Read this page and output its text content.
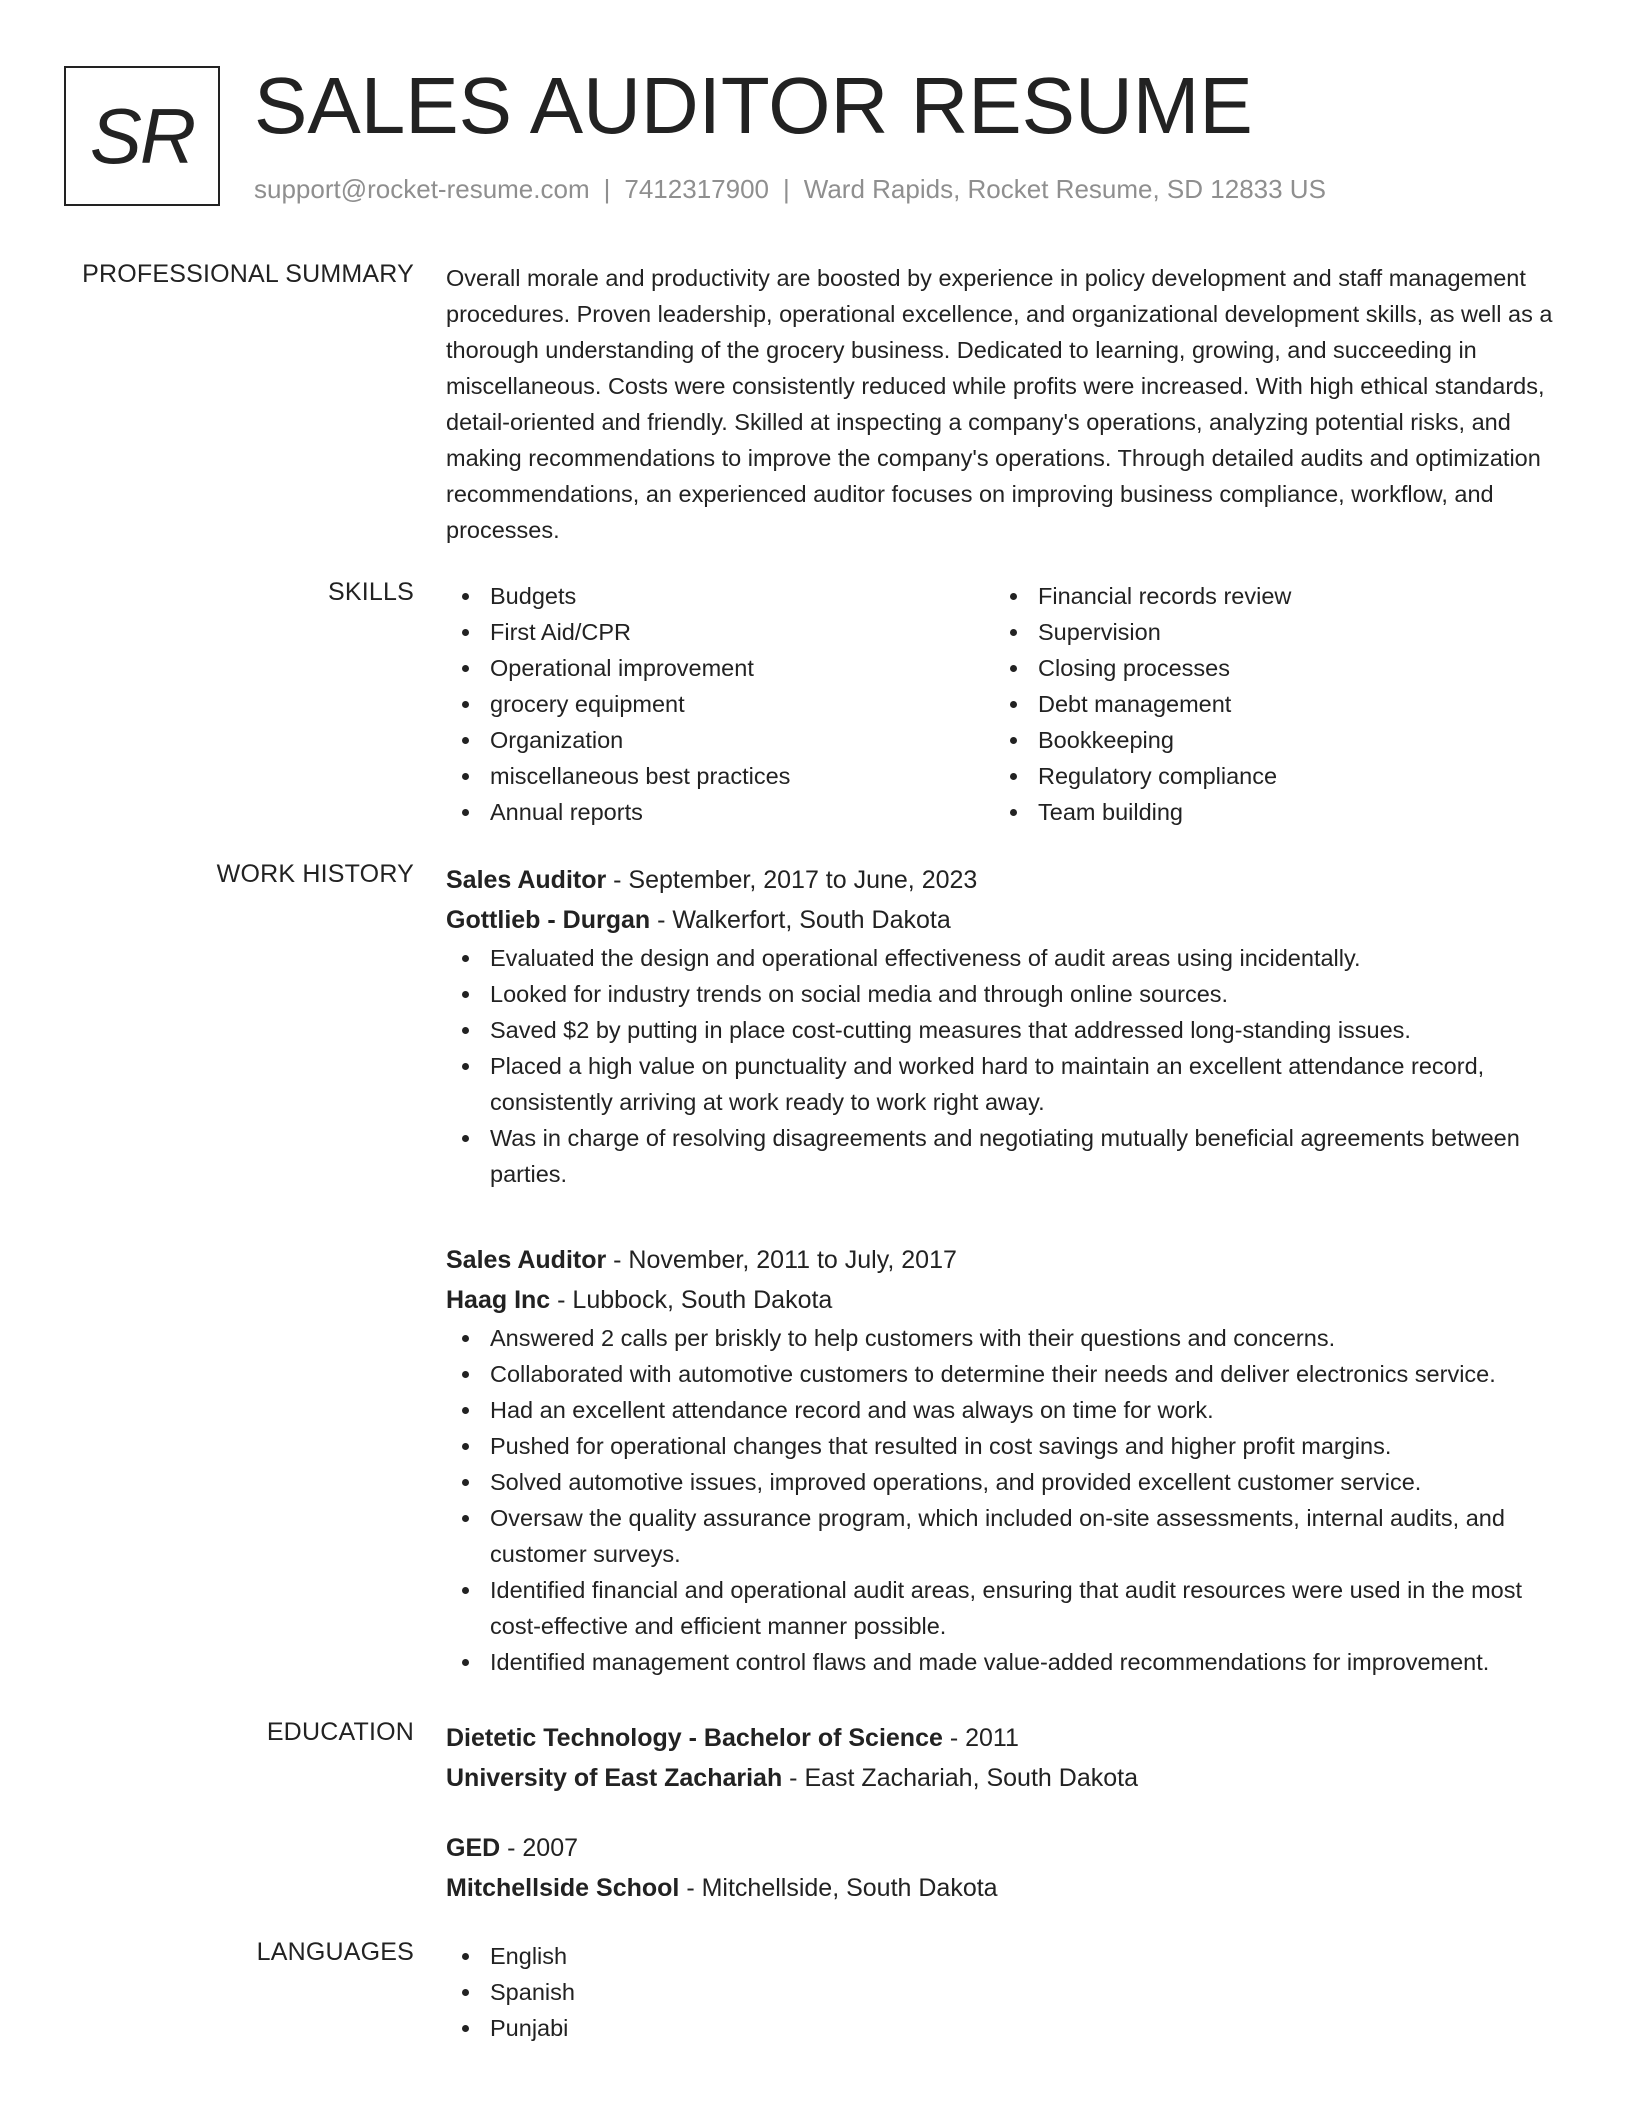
SR SALES AUDITOR RESUME
support@rocket-resume.com | 7412317900 | Ward Rapids, Rocket Resume, SD 12833 US
PROFESSIONAL SUMMARY Overall morale and productivity are boosted by experience in policy development and staff management procedures. Proven leadership, operational excellence, and organizational development skills, as well as a thorough understanding of the grocery business. Dedicated to learning, growing, and succeeding in miscellaneous. Costs were consistently reduced while profits were increased. With high ethical standards, detail-oriented and friendly. Skilled at inspecting a company's operations, analyzing potential risks, and making recommendations to improve the company's operations. Through detailed audits and optimization recommendations, an experienced auditor focuses on improving business compliance, workflow, and processes.

SKILLS	Budgets
First Aid/CPR
Operational improvement
grocery equipment
Organization
miscellaneous best practices
Annual reports
Financial records review
Supervision
Closing processes
Debt management
Bookkeeping
Regulatory compliance
Team building
WORK HISTORY Sales Auditor - September, 2017 to June, 2023
Gottlieb - Durgan - Walkerfort, South Dakota
Evaluated the design and operational effectiveness of audit areas using incidentally.
Looked for industry trends on social media and through online sources.
Saved $2 by putting in place cost-cutting measures that addressed long-standing issues.
Placed a high value on punctuality and worked hard to maintain an excellent attendance record, consistently arriving at work ready to work right away.
Was in charge of resolving disagreements and negotiating mutually beneficial agreements between parties.
Sales Auditor - November, 2011 to July, 2017
Haag Inc - Lubbock, South Dakota
Answered 2 calls per briskly to help customers with their questions and concerns.
Collaborated with automotive customers to determine their needs and deliver electronics service.
Had an excellent attendance record and was always on time for work.
Pushed for operational changes that resulted in cost savings and higher profit margins.
Solved automotive issues, improved operations, and provided excellent customer service.
Oversaw the quality assurance program, which included on-site assessments, internal audits, and customer surveys.
Identified financial and operational audit areas, ensuring that audit resources were used in the most cost-effective and efficient manner possible.
Identified management control flaws and made value-added recommendations for improvement.
EDUCATION Dietetic Technology - Bachelor of Science - 2011
University of East Zachariah - East Zachariah, South Dakota
GED - 2007
Mitchellside School - Mitchellside, South Dakota
LANGUAGES	English
Spanish
Punjabi
